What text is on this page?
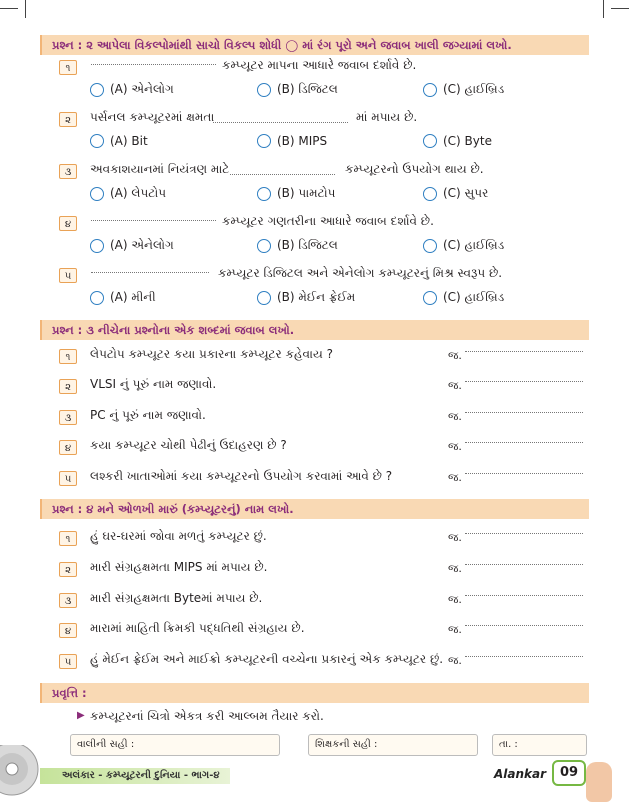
પ્રશ્ન : ૨ આપેલા વિકલ્પોમાંથી સાચો વિકલ્પ શોધી ◯ માં રંગ પૂરો અને જવાબ ખાલી જગ્યામાં લખો.
૧	કમ્પ્યૂટર માપના આધારે જવાબ દર્શાવે છે.
(A) એનેલોગ	(B) ડિજિટલ	(C) હાઈબ્રિડ
૨	પર્સનલ કમ્પ્યૂટરમાં ક્ષમતા	માં મપાય છે.
(A) Bit	(B) MIPS	(C) Byte
૩	અવકાશયાનમાં નિયંત્રણ માટે	કમ્પ્યૂટરનો ઉપયોગ થાય છે.
(A) લેપટોપ	(B) પામટોપ	(C) સુપર
૪	કમ્પ્યૂટર ગણતરીના આધારે જવાબ દર્શાવે છે.
(A) એનેલોગ	(B) ડિજિટલ	(C) હાઈબ્રિડ
૫	કમ્પ્યૂટર ડિજિટલ અને એનેલોગ કમ્પ્યૂટરનું મિશ્ર સ્વરૂપ છે.
(A) મીની	(B) મેઈન ફ્રેઈમ	(C) હાઈબ્રિડ
પ્રશ્ન : ૩ નીચેના પ્રશ્નોના એક શબ્દમાં જવાબ લખો.
૧	લેપટોપ કમ્પ્યૂટર કયા પ્રકારના કમ્પ્યૂટર કહેવાય ?	જ.
૨	VLSI નું પૂરું નામ જણાવો.	જ.
૩	PC નું પૂરું નામ જણાવો.	જ.
૪	કયા કમ્પ્યૂટર ચોથી પેઢીનું ઉદાહરણ છે ?	જ.
૫	લશ્કરી ખાતાઓમાં કયા કમ્પ્યૂટરનો ઉપયોગ કરવામાં આવે છે ?	જ.
પ્રશ્ન : ૪ મને ઓળખી મારું (કમ્પ્યૂટરનું) નામ લખો.
૧	હું ઘર-ઘરમાં જોવા મળતું કમ્પ્યૂટર છું.	જ.
૨	મારી સંગ્રહક્ષમતા MIPS માં મપાય છે.	જ.
૩	મારી સંગ્રહક્ષમતા Byteમાં મપાય છે.	જ.
૪	મારામાં માહિતી ક્રિમકી પદ્ધતિથી સંગ્રહાય છે.	જ.
૫	હું મેઈન ફ્રેઈમ અને માઈક્રો કમ્પ્યૂટરની વચ્ચેના પ્રકારનું એક કમ્પ્યૂટર છું. જ.
પ્રવૃત્તિ :
▶ કમ્પ્યૂટરનાં ચિત્રો એકત્ર કરી આલ્બમ તૈયાર કરો.
વાલીની સહી :	શિક્ષકની સહી :	તા. :
અલંકાર - કમ્પ્યૂટરની દુનિયા - ભાગ-૪	Alankar	09
